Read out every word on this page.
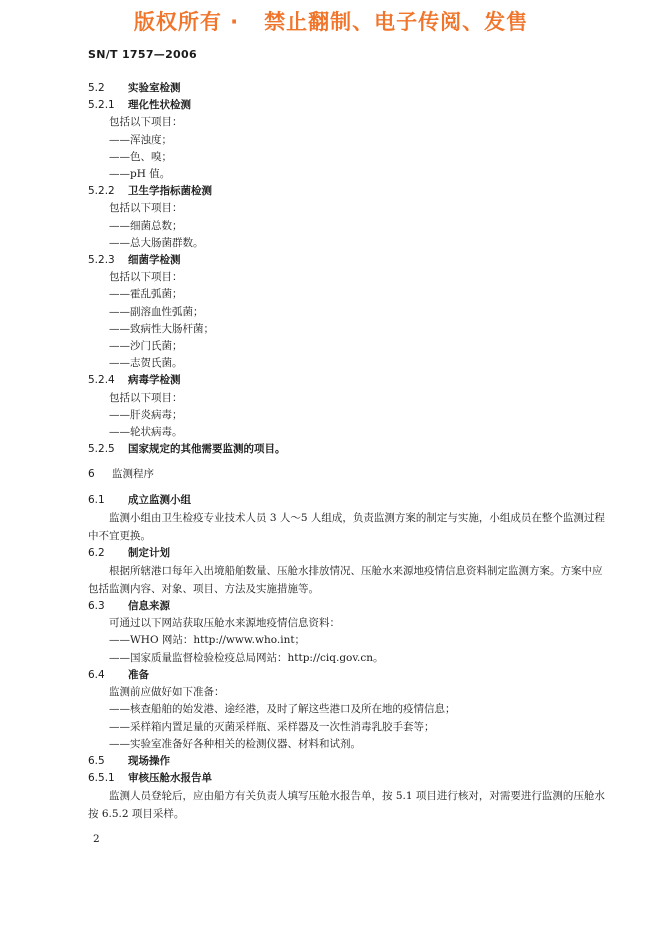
版权所有 ·   禁止翻制、电子传阅、发售
SN/T 1757—2006
5.2 实验室检测
5.2.1 理化性状检测
包括以下项目：
——浑浊度；
——色、嗅；
——pH 值。
5.2.2 卫生学指标菌检测
包括以下项目：
——细菌总数；
——总大肠菌群数。
5.2.3 细菌学检测
包括以下项目：
——霍乱弧菌；
——副溶血性弧菌；
——致病性大肠杆菌；
——沙门氏菌；
——志贺氏菌。
5.2.4 病毒学检测
包括以下项目：
——肝炎病毒；
——轮状病毒。
5.2.5 国家规定的其他需要监测的项目。
6 监测程序
6.1 成立监测小组
监测小组由卫生检疫专业技术人员 3 人～5 人组成，负责监测方案的制定与实施，小组成员在整个监测过程中不宜更换。
6.2 制定计划
根据所辖港口每年入出境船舶数量、压舱水排放情况、压舱水来源地疫情信息资料制定监测方案。方案中应包括监测内容、对象、项目、方法及实施措施等。
6.3 信息来源
可通过以下网站获取压舱水来源地疫情信息资料：
——WHO 网站：http://www.who.int；
——国家质量监督检验检疫总局网站：http://ciq.gov.cn。
6.4 准备
监测前应做好如下准备：
——核查船舶的始发港、途经港，及时了解这些港口及所在地的疫情信息；
——采样箱内置足量的灭菌采样瓶、采样器及一次性消毒乳胶手套等；
——实验室准备好各种相关的检测仪器、材料和试剂。
6.5 现场操作
6.5.1 审核压舱水报告单
监测人员登轮后，应由船方有关负责人填写压舱水报告单，按 5.1 项目进行核对，对需要进行监测的压舱水按 6.5.2 项目采样。
2
